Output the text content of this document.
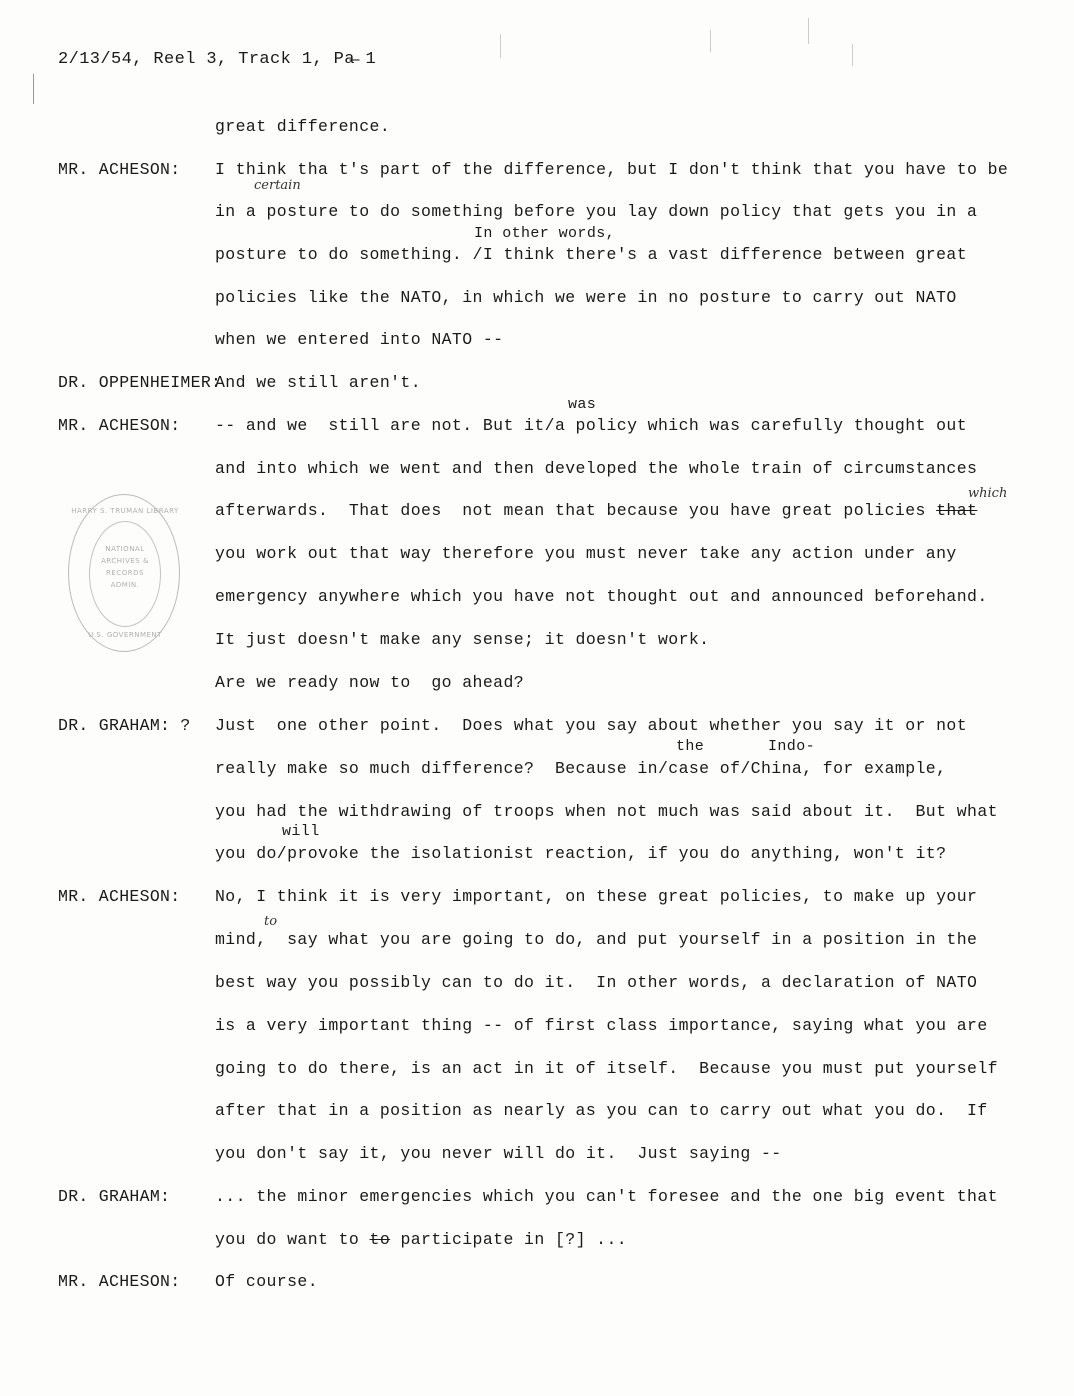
2/13/54, Reel 3, Track 1, Pa̶̶ 1
MR. ACHESON:
DR. OPPENHEIMER:
MR. ACHESON:
DR. GRAHAM: ?
MR. ACHESON:
DR. GRAHAM:
MR. ACHESON:
In other words,
was
the	Indo-
will
certain
which
to
great difference.
I think tha t's part of the difference, but I don't think that you have to be
in a posture to do something before you lay down policy that gets you in a
posture to do something. /I think there's a vast difference between great
policies like the NATO, in which we were in no posture to carry out NATO
when we entered into NATO --
And we still aren't.
-- and we  still are not. But it/a policy which was carefully thought out
and into which we went and then developed the whole train of circumstances
afterwards.  That does  not mean that because you have great policies that
you work out that way therefore you must never take any action under any
emergency anywhere which you have not thought out and announced beforehand.
It just doesn't make any sense; it doesn't work.
Are we ready now to  go ahead?
Just  one other point.  Does what you say about whether you say it or not
really make so much difference?  Because in/case of/China, for example,
you had the withdrawing of troops when not much was said about it.  But what
you do/provoke the isolationist reaction, if you do anything, won't it?
No, I think it is very important, on these great policies, to make up your
mind,  say what you are going to do, and put yourself in a position in the
best way you possibly can to do it.  In other words, a declaration of NATO
is a very important thing -- of first class importance, saying what you are
going to do there, is an act in it of itself.  Because you must put yourself
after that in a position as nearly as you can to carry out what you do.  If
you don't say it, you never will do it.  Just saying --
... the minor emergencies which you can't foresee and the one big event that
you do want to to participate in [?] ...
Of course.
HARRY S. TRUMAN LIBRARY
NATIONAL
ARCHIVES &
RECORDS
ADMIN.
U.S. GOVERNMENT
